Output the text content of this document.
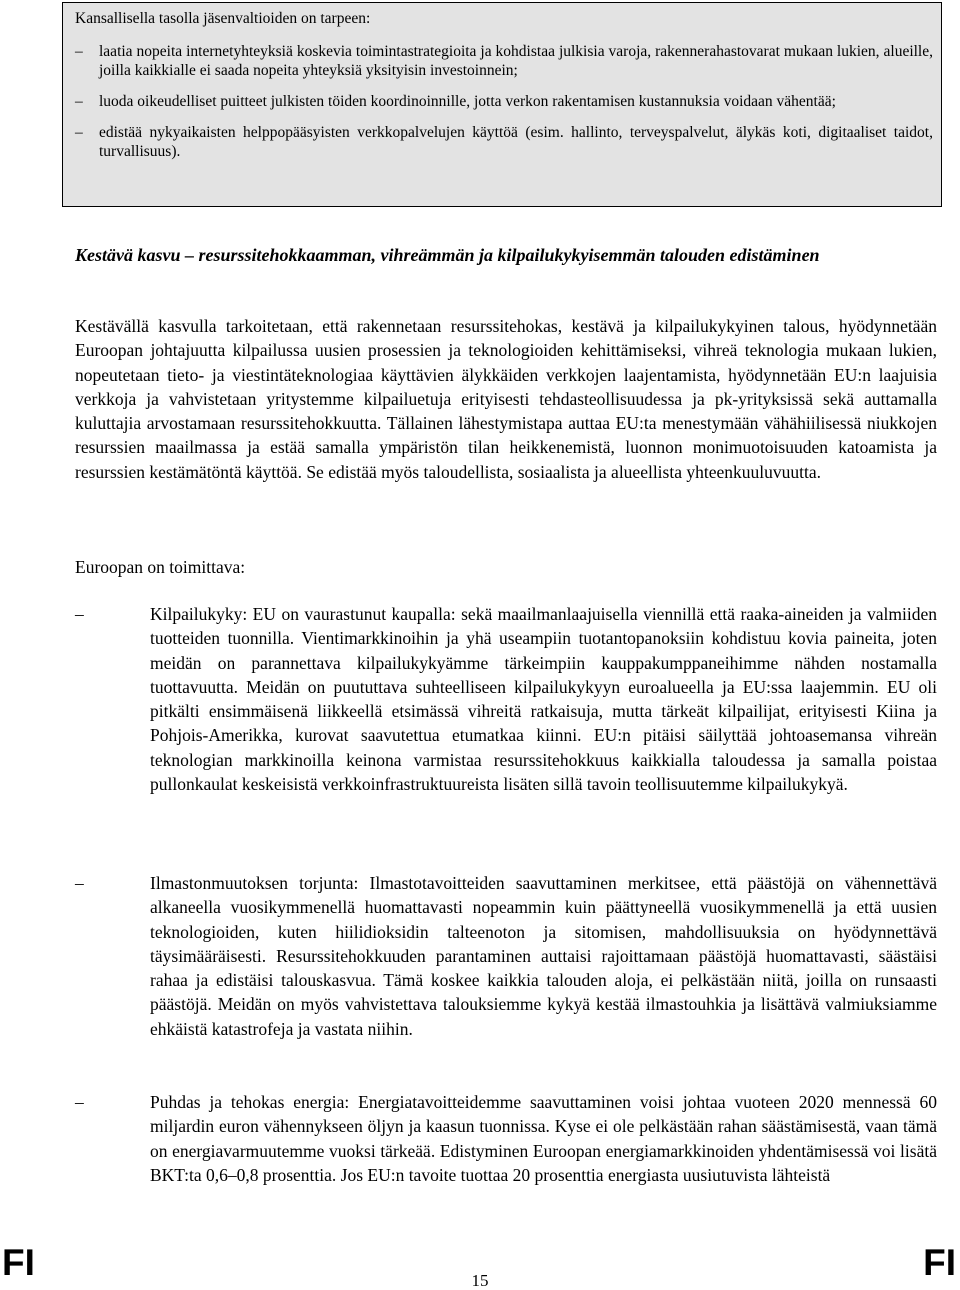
Kansallisella tasolla jäsenvaltioiden on tarpeen:

– laatia nopeita internetyhteyksiä koskevia toimintastrategioita ja kohdistaa julkisia varoja, rakennerahastovarat mukaan lukien, alueille, joilla kaikkialle ei saada nopeita yhteyksiä yksityisin investoinnein;

– luoda oikeudelliset puitteet julkisten töiden koordinoinnille, jotta verkon rakentamisen kustannuksia voidaan vähentää;

– edistää nykyaikaisten helppopääsyisten verkkopalvelujen käyttöä (esim. hallinto, terveyspalvelut, älykäs koti, digitaaliset taidot, turvallisuus).

Kestävä kasvu – resurssitehokkaamman, vihreämmän ja kilpailukykyisemmän talouden edistäminen

Kestävällä kasvulla tarkoitetaan, että rakennetaan resurssitehokas, kestävä ja kilpailukykyinen talous, hyödynnetään Euroopan johtajuutta kilpailussa uusien prosessien ja teknologioiden kehittämiseksi, vihreä teknologia mukaan lukien, nopeutetaan tieto- ja viestintäteknologiaa käyttävien älykkäiden verkkojen laajentamista, hyödynnetään EU:n laajuisia verkkoja ja vahvistetaan yritystemme kilpailuetuja erityisesti tehdasteollisuudessa ja pk-yrityksissä sekä auttamalla kuluttajia arvostamaan resurssitehokkuutta. Tällainen lähestymistapa auttaa EU:ta menestymään vähähiilisessä niukkojen resurssien maailmassa ja estää samalla ympäristön tilan heikkenemistä, luonnon monimuotoisuuden katoamista ja resurssien kestämätöntä käyttöä. Se edistää myös taloudellista, sosiaalista ja alueellista yhteenkuuluvuutta.

Euroopan on toimittava:

–	Kilpailukyky: EU on vaurastunut kaupalla: sekä maailmanlaajuisella viennillä että raaka-aineiden ja valmiiden tuotteiden tuonnilla. Vientimarkkinoihin ja yhä useampiin tuotantopanoksiin kohdistuu kovia paineita, joten meidän on parannettava kilpailukykyämme tärkeimpiin kauppakumppaneihimme nähden nostamalla tuottavuutta. Meidän on puututtava suhteelliseen kilpailukykyyn euroalueella ja EU:ssa laajemmin. EU oli pitkälti ensimmäisenä liikkeellä etsimässä vihreitä ratkaisuja, mutta tärkeät kilpailijat, erityisesti Kiina ja Pohjois-Amerikka, kurovat saavutettua etumatkaa kiinni. EU:n pitäisi säilyttää johtoasemansa vihreän teknologian markkinoilla keinona varmistaa resurssitehokkuus kaikkialla taloudessa ja samalla poistaa pullonkaulat keskeisistä verkkoinfrastruktuureista lisäten sillä tavoin teollisuutemme kilpailukykyä.

–	Ilmastonmuutoksen torjunta: Ilmastotavoitteiden saavuttaminen merkitsee, että päästöjä on vähennettävä alkaneella vuosikymmenellä huomattavasti nopeammin kuin päättyneellä vuosikymmenellä ja että uusien teknologioiden, kuten hiilidioksidin talteenoton ja sitomisen, mahdollisuuksia on hyödynnettävä täysimääräisesti. Resurssitehokkuuden parantaminen auttaisi rajoittamaan päästöjä huomattavasti, säästäisi rahaa ja edistäisi talouskasvua. Tämä koskee kaikkia talouden aloja, ei pelkästään niitä, joilla on runsaasti päästöjä. Meidän on myös vahvistettava talouksiemme kykyä kestää ilmastouhkia ja lisättävä valmiuksiamme ehkäistä katastrofeja ja vastata niihin.

–	Puhdas ja tehokas energia: Energiatavoitteidemme saavuttaminen voisi johtaa vuoteen 2020 mennessä 60 miljardin euron vähennykseen öljyn ja kaasun tuonnissa. Kyse ei ole pelkästään rahan säästämisestä, vaan tämä on energiavarmuutemme vuoksi tärkeää. Edistyminen Euroopan energiamarkkinoiden yhdentämisessä voi lisätä BKT:ta 0,6–0,8 prosenttia. Jos EU:n tavoite tuottaa 20 prosenttia energiasta uusiutuvista lähteistä

FI	FI
15
